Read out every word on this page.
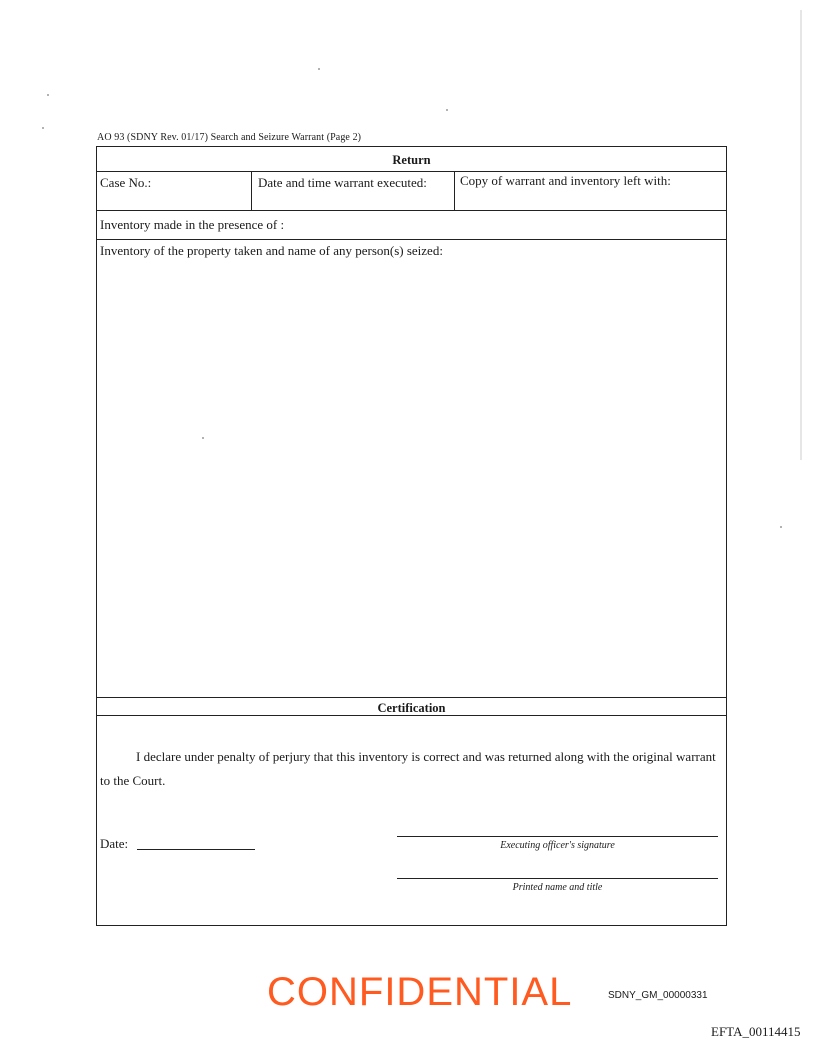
AO 93 (SDNY Rev. 01/17) Search and Seizure Warrant (Page 2)
Return
Case No.:	Date and time warrant executed:	Copy of warrant and inventory left with:
Inventory made in the presence of :
Inventory of the property taken and name of any person(s) seized:
Certification
I declare under penalty of perjury that this inventory is correct and was returned along with the original warrant to the Court.
Date:	Executing officer's signature
Printed name and title
CONFIDENTIAL	SDNY_GM_00000331
EFTA_00114415
